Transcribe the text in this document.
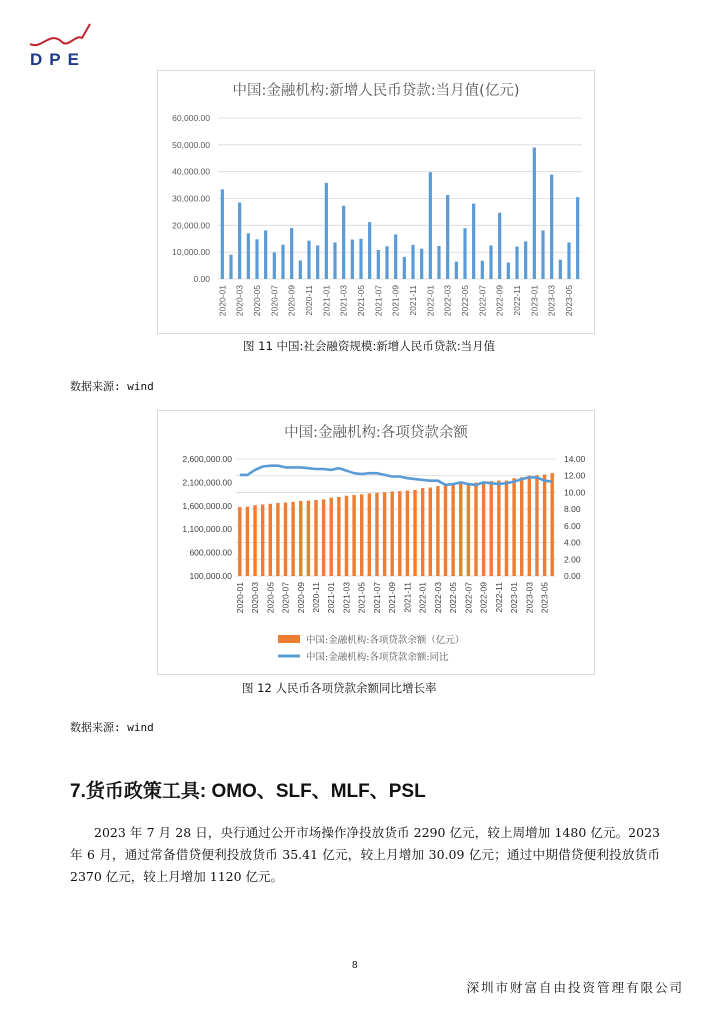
DPE
中国:金融机构:新增人民币贷款:当月值(亿元)
60,000.00
50,000.00
40,000.00
30,000.00
20,000.00
10,000.00
0.00
2020-01 2020-03 2020-05 2020-07 2020-09 2020-11 2021-01 2021-03 2021-05 2021-07 2021-09 2021-11 2022-01 2022-03 2022-05 2022-07 2022-09 2022-11 2023-01 2023-03 2023-05
图 11 中国:社会融资规模:新增人民币贷款:当月值
数据来源: wind
中国:金融机构:各项贷款余额
2,600,000.00
2,100,000.00
1,600,000.00
1,100,000.00
600,000.00
100,000.00
14.00
12.00
10.00
8.00
6.00
4.00
2.00
0.00
2020-01 2020-03 2020-05 2020-07 2020-09 2020-11 2021-01 2021-03 2021-05 2021-07 2021-09 2021-11 2022-01 2022-03 2022-05 2022-07 2022-09 2022-11 2023-01 2023-03 2023-05
中国:金融机构:各项贷款余额（亿元）
中国:金融机构:各项贷款余额:同比
图 12 人民币各项贷款余额同比增长率
数据来源: wind
7.货币政策工具: OMO、SLF、MLF、PSL
2023 年 7 月 28 日，央行通过公开市场操作净投放货币 2290 亿元，较上周增加 1480 亿元。2023 年 6 月，通过常备借贷便利投放货币 35.41 亿元，较上月增加 30.09 亿元；通过中期借贷便利投放货币 2370 亿元，较上月增加 1120 亿元。
8
深圳市财富自由投资管理有限公司
